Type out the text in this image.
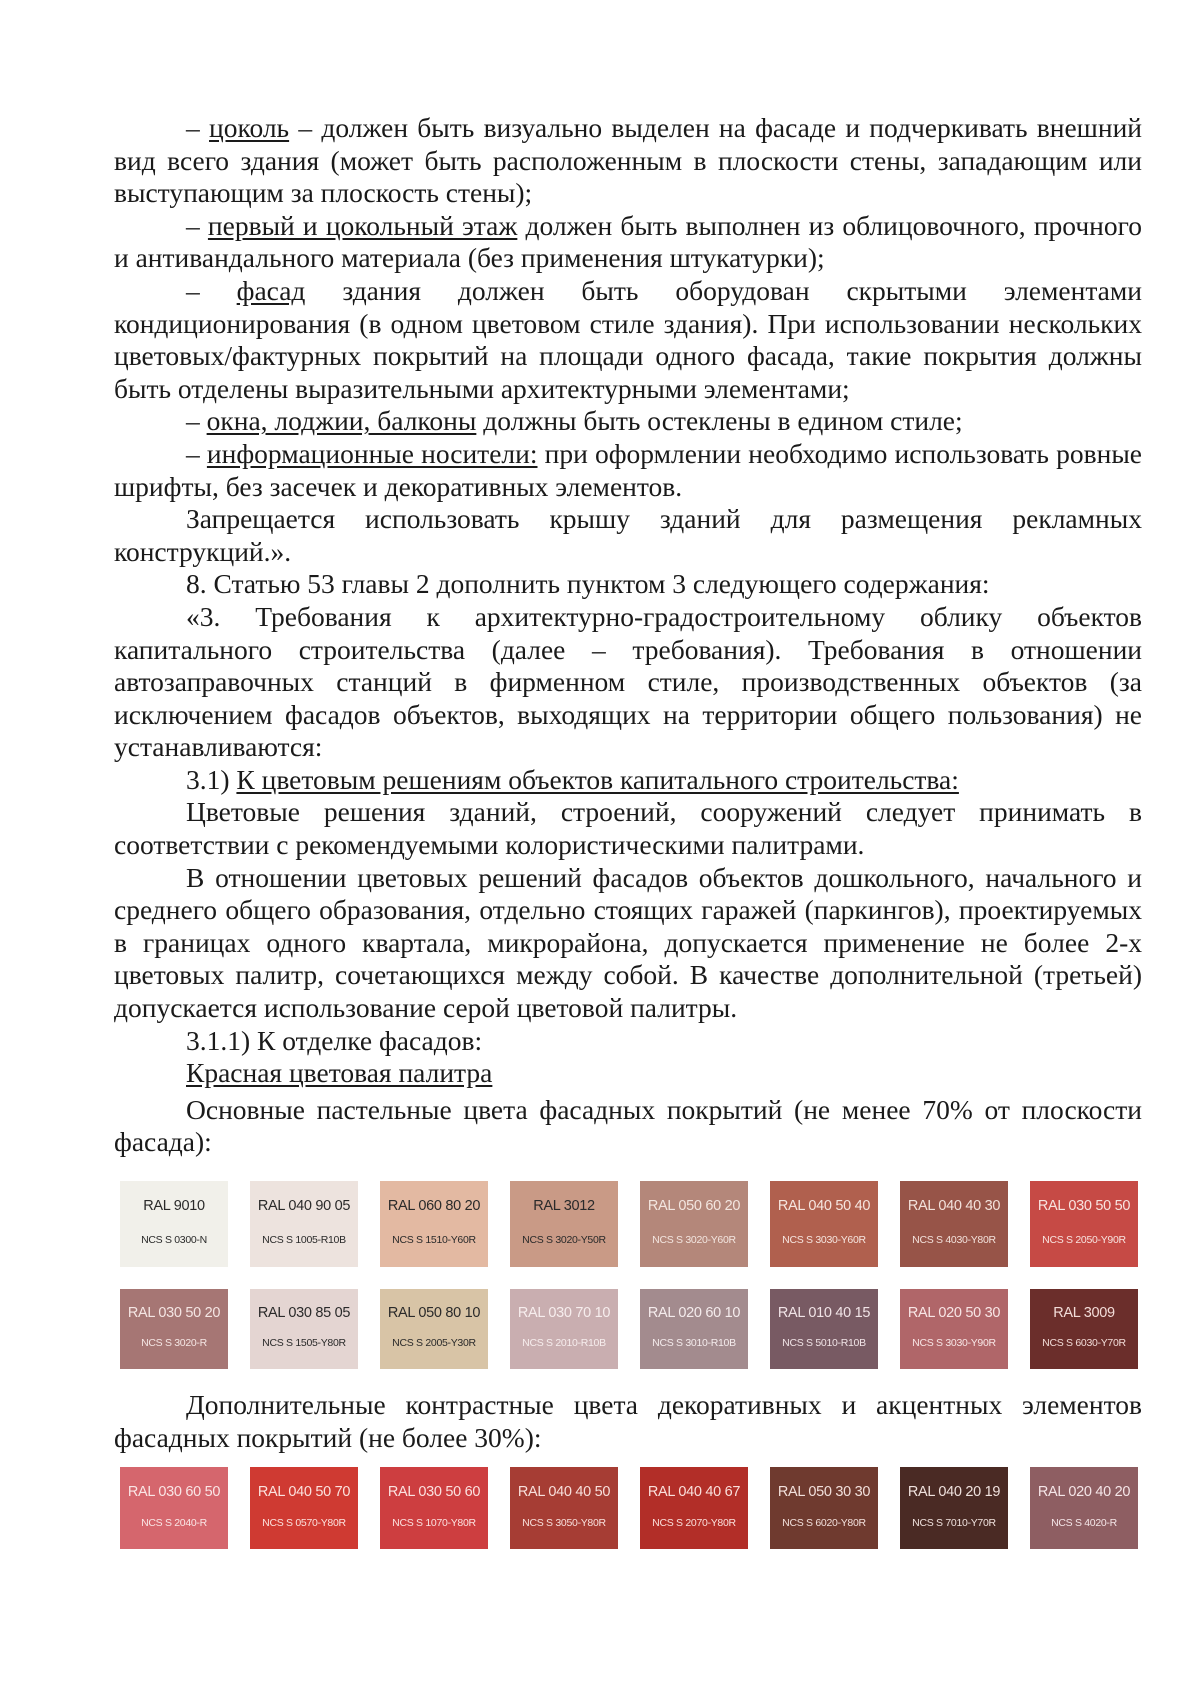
– цоколь – должен быть визуально выделен на фасаде и подчеркивать внешний вид всего здания (может быть расположенным в плоскости стены, западающим или выступающим за плоскость стены);

– первый и цокольный этаж должен быть выполнен из облицовочного, прочного и антивандального материала (без применения штукатурки);

– фасад здания должен быть оборудован скрытыми элементами кондиционирования (в одном цветовом стиле здания). При использовании нескольких цветовых/фактурных покрытий на площади одного фасада, такие покрытия должны быть отделены выразительными архитектурными элементами;

– окна, лоджии, балконы должны быть остеклены в едином стиле;

– информационные носители: при оформлении необходимо использовать ровные шрифты, без засечек и декоративных элементов.

Запрещается использовать крышу зданий для размещения рекламных конструкций.».

8. Статью 53 главы 2 дополнить пунктом 3 следующего содержания:

«3. Требования к архитектурно-градостроительному облику объектов капитального строительства (далее – требования). Требования в отношении автозаправочных станций в фирменном стиле, производственных объектов (за исключением фасадов объектов, выходящих на территории общего пользования) не устанавливаются:

3.1) К цветовым решениям объектов капитального строительства:

Цветовые решения зданий, строений, сооружений следует принимать в соответствии с рекомендуемыми колористическими палитрами.

В отношении цветовых решений фасадов объектов дошкольного, начального и среднего общего образования, отдельно стоящих гаражей (паркингов), проектируемых в границах одного квартала, микрорайона, допускается применение не более 2-х цветовых палитр, сочетающихся между собой. В качестве дополнительной (третьей) допускается использование серой цветовой палитры.

3.1.1) К отделке фасадов:

Красная цветовая палитра

Основные пастельные цвета фасадных покрытий (не менее 70% от плоскости фасада):

RAL 9010
NCS S 0300-N
RAL 040 90 05
NCS S 1005-R10B
RAL 060 80 20
NCS S 1510-Y60R
RAL 3012
NCS S 3020-Y50R
RAL 050 60 20
NCS S 3020-Y60R
RAL 040 50 40
NCS S 3030-Y60R
RAL 040 40 30
NCS S 4030-Y80R
RAL 030 50 50
NCS S 2050-Y90R
RAL 030 50 20
NCS S 3020-R
RAL 030 85 05
NCS S 1505-Y80R
RAL 050 80 10
NCS S 2005-Y30R
RAL 030 70 10
NCS S 2010-R10B
RAL 020 60 10
NCS S 3010-R10B
RAL 010 40 15
NCS S 5010-R10B
RAL 020 50 30
NCS S 3030-Y90R
RAL 3009
NCS S 6030-Y70R

Дополнительные контрастные цвета декоративных и акцентных элементов фасадных покрытий (не более 30%):

RAL 030 60 50
NCS S 2040-R
RAL 040 50 70
NCS S 0570-Y80R
RAL 030 50 60
NCS S 1070-Y80R
RAL 040 40 50
NCS S 3050-Y80R
RAL 040 40 67
NCS S 2070-Y80R
RAL 050 30 30
NCS S 6020-Y80R
RAL 040 20 19
NCS S 7010-Y70R
RAL 020 40 20
NCS S 4020-R
